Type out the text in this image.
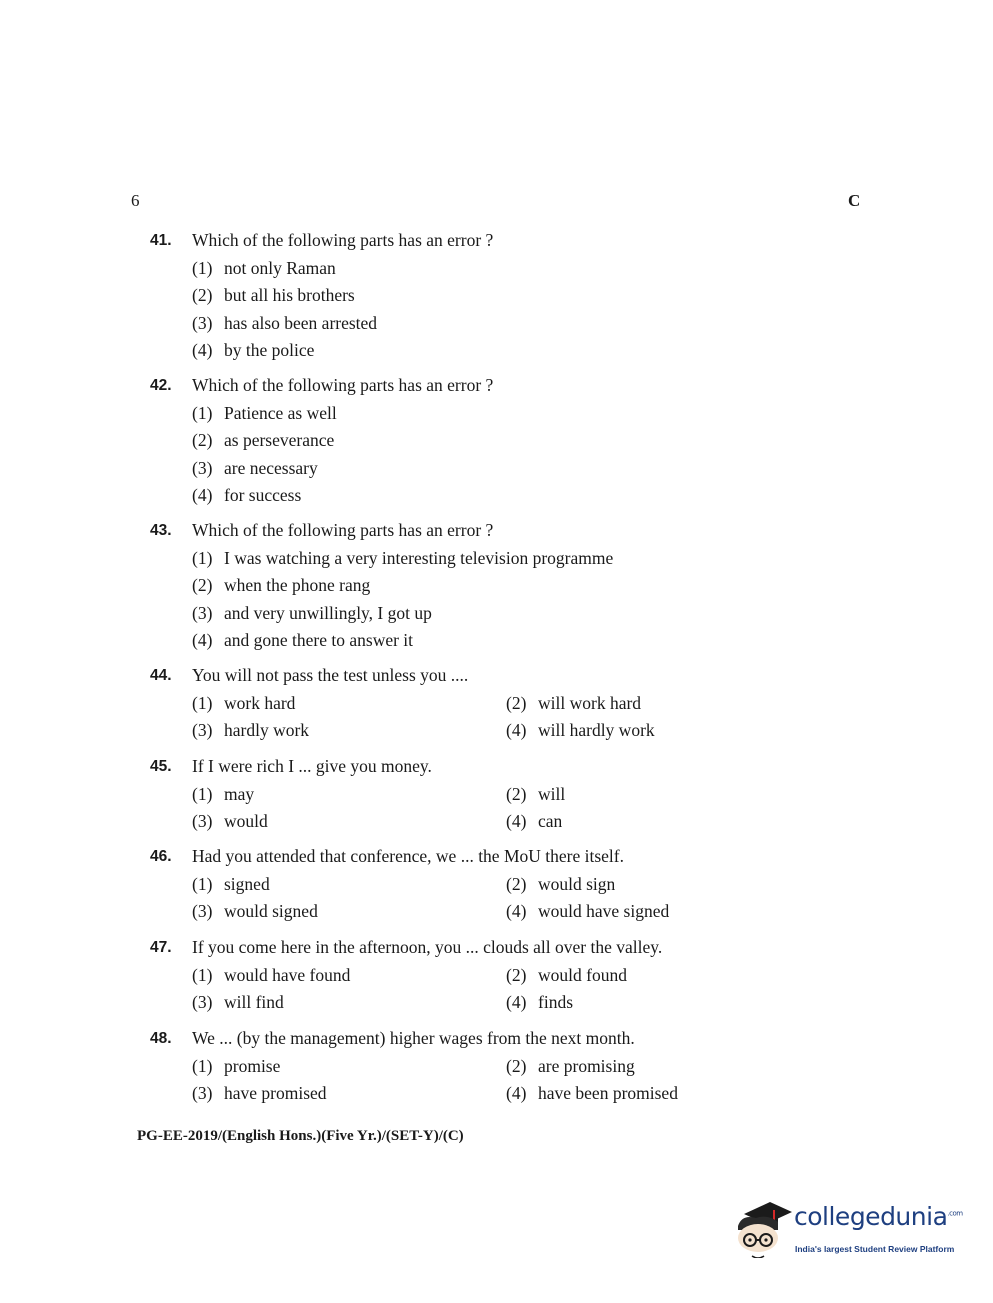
6	C
41.	Which of the following parts has an error ?
(1) not only Raman
(2) but all his brothers
(3) has also been arrested
(4) by the police
42.	Which of the following parts has an error ?
(1) Patience as well
(2) as perseverance
(3) are necessary
(4) for success
43.	Which of the following parts has an error ?
(1) I was watching a very interesting television programme
(2) when the phone rang
(3) and very unwillingly, I got up
(4) and gone there to answer it
44.	You will not pass the test unless you ....
(1) work hard	(2) will work hard
(3) hardly work	(4) will hardly work
45.	If I were rich I ... give you money.
(1) may	(2) will
(3) would	(4) can
46.	Had you attended that conference, we ... the MoU there itself.
(1) signed	(2) would sign
(3) would signed	(4) would have signed
47.	If you come here in the afternoon, you ... clouds all over the valley.
(1) would have found	(2) would found
(3) will find	(4) finds
48.	We ... (by the management) higher wages from the next month.
(1) promise	(2) are promising
(3) have promised	(4) have been promised
PG-EE-2019/(English Hons.)(Five Yr.)/(SET-Y)/(C)
collegedunia$^{.com}$
India's largest Student Review Platform
